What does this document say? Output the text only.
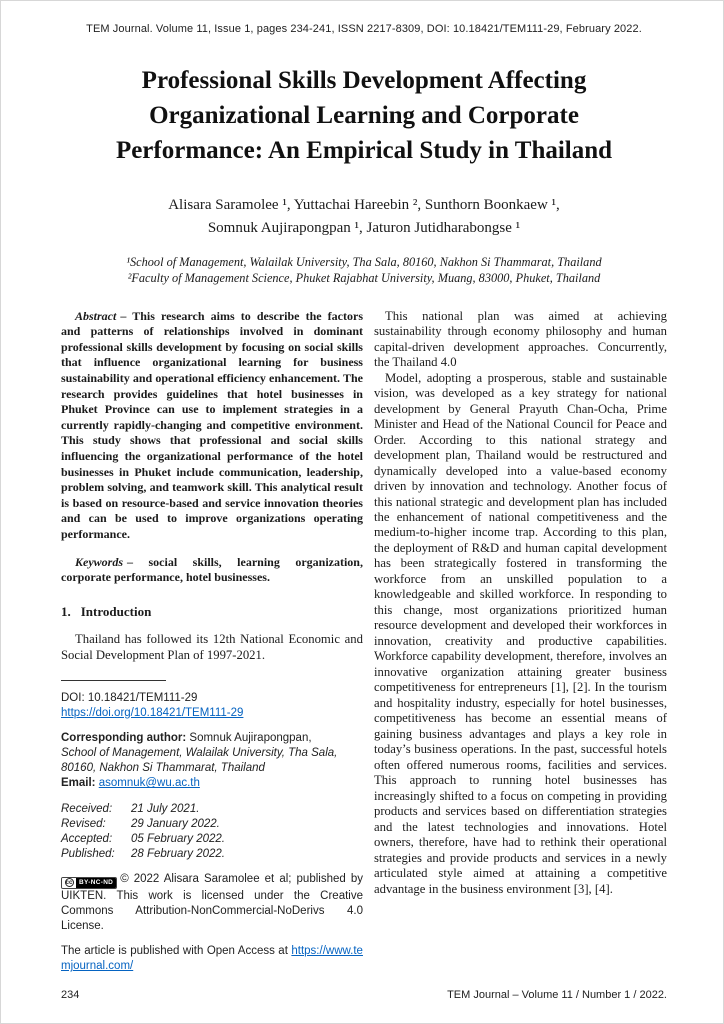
TEM Journal. Volume 11, Issue 1, pages 234-241, ISSN 2217-8309, DOI: 10.18421/TEM111-29, February 2022.
Professional Skills Development Affecting
Organizational Learning and Corporate
Performance: An Empirical Study in Thailand
Alisara Saramolee ¹, Yuttachai Hareebin ², Sunthorn Boonkaew ¹,
Somnuk Aujirapongpan ¹, Jaturon Jutidharabongse ¹
¹School of Management, Walailak University, Tha Sala, 80160, Nakhon Si Thammarat, Thailand
²Faculty of Management Science, Phuket Rajabhat University, Muang, 83000, Phuket, Thailand

Abstract – This research aims to describe the factors and patterns of relationships involved in dominant professional skills development by focusing on social skills that influence organizational learning for business sustainability and operational efficiency enhancement. The research provides guidelines that hotel businesses in Phuket Province can use to implement strategies in a currently rapidly-changing and competitive environment. This study shows that professional and social skills influencing the organizational performance of the hotel businesses in Phuket include communication, leadership, problem solving, and teamwork skill. This analytical result is based on resource-based and service innovation theories and can be used to improve organizations operating performance.

Keywords – social skills, learning organization, corporate performance, hotel businesses.

1. Introduction

Thailand has followed its 12th National Economic and Social Development Plan of 1997-2021.

DOI: 10.18421/TEM111-29
https://doi.org/10.18421/TEM111-29
Corresponding author: Somnuk Aujirapongpan,
School of Management, Walailak University, Tha Sala, 80160, Nakhon Si Thammarat, Thailand
Email: asomnuk@wu.ac.th
Received: 21 July 2021.
Revised: 29 January 2022.
Accepted: 05 February 2022.
Published: 28 February 2022.
cc	BY-NC-ND © 2022 Alisara Saramolee et al; published by UIKTEN. This work is licensed under the Creative Commons Attribution-NonCommercial-NoDerivs 4.0 License.
The article is published with Open Access at https://www.temjournal.com/

This national plan was aimed at achieving sustainability through economy philosophy and human capital-driven development approaches. Concurrently, the Thailand 4.0

Model, adopting a prosperous, stable and sustainable vision, was developed as a key strategy for national development by General Prayuth Chan-Ocha, Prime Minister and Head of the National Council for Peace and Order. According to this national strategy and development plan, Thailand would be restructured and dynamically developed into a value-based economy driven by innovation and technology. Another focus of this national strategic and development plan has included the enhancement of national competitiveness and the medium-to-higher income trap. According to this plan, the deployment of R&D and human capital development has been strategically fostered in transforming the workforce from an unskilled population to a knowledgeable and skilled workforce. In responding to this change, most organizations prioritized human resource development and developed their workforces in innovation, creativity and productive capabilities. Workforce capability development, therefore, involves an innovative organization attaining greater business competitiveness for entrepreneurs [1], [2]. In the tourism and hospitality industry, especially for hotel businesses, competitiveness has become an essential means of gaining business advantages and plays a key role in today’s business operations. In the past, successful hotels often offered numerous rooms, facilities and services. This approach to running hotel businesses has increasingly shifted to a focus on competing in providing products and services based on differentiation strategies and the latest technologies and innovations. Hotel owners, therefore, have had to rethink their operational strategies and provide products and services in a newly articulated style aimed at attaining a competitive advantage in the business environment [3], [4].

234	TEM Journal – Volume 11 / Number 1 / 2022.
